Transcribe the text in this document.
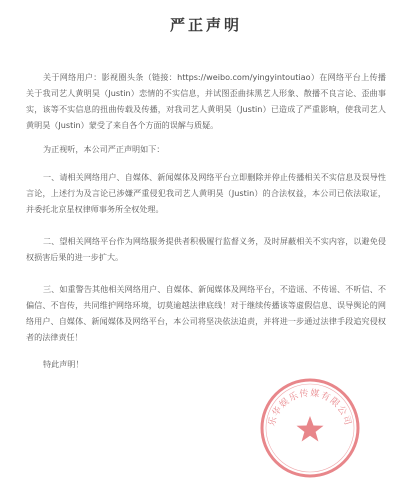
严正声明

关于网络用户：影视圈头条（链接：https://weibo.com/yingyintoutiao）在网络平台上传播关于我司艺人黄明昊（Justin）恋情的不实信息，并试图歪曲抹黑艺人形象、散播不良言论、歪曲事实，该等不实信息的扭曲传载及传播，对我司艺人黄明昊（Justin）已造成了严重影响，使我司艺人黄明昊（Justin）蒙受了来自各个方面的误解与质疑。

为正视听，本公司严正声明如下：

一、请相关网络用户、自媒体、新闻媒体及网络平台立即删除并停止传播相关不实信息及误导性言论，上述行为及言论已涉嫌严重侵犯我司艺人黄明昊（Justin）的合法权益，本公司已依法取证，并委托北京星权律师事务所全权处理。

二、望相关网络平台作为网络服务提供者积极履行监督义务，及时屏蔽相关不实内容，以避免侵权损害后果的进一步扩大。

三、如重警告其他相关网络用户、自媒体、新闻媒体及网络平台，不造谣、不传谣、不听信、不偏信、不盲传，共同维护网络环境，切莫逾越法律底线！对于继续传播该等虚假信息、误导舆论的网络用户、自媒体、新闻媒体及网络平台，本公司将坚决依法追责，并将进一步通过法律手段追究侵权者的法律责任！

特此声明！
乐华娱乐传媒有限公司
